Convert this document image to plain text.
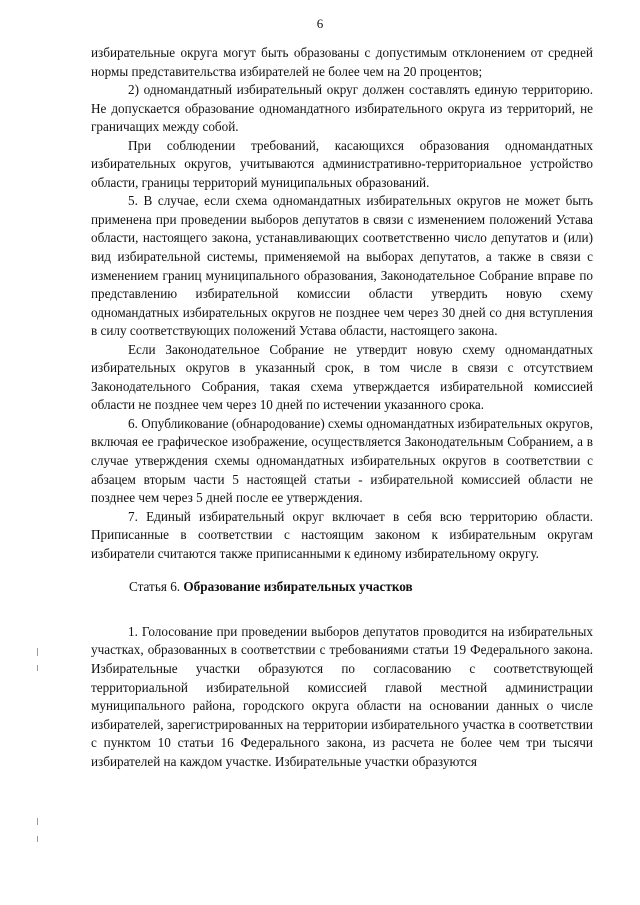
6

избирательные округа могут быть образованы с допустимым отклонением от средней нормы представительства избирателей не более чем на 20 процентов;

2) одномандатный избирательный округ должен составлять единую территорию. Не допускается образование одномандатного избирательного округа из территорий, не граничащих между собой.

При соблюдении требований, касающихся образования одномандатных избирательных округов, учитываются административно-территориальное устройство области, границы территорий муниципальных образований.

5. В случае, если схема одномандатных избирательных округов не может быть применена при проведении выборов депутатов в связи с изменением положений Устава области, настоящего закона, устанавливающих соответственно число депутатов и (или) вид избирательной системы, применяемой на выборах депутатов, а также в связи с изменением границ муниципального образования, Законодательное Собрание вправе по представлению избирательной комиссии области утвердить новую схему одномандатных избирательных округов не позднее чем через 30 дней со дня вступления в силу соответствующих положений Устава области, настоящего закона.

Если Законодательное Собрание не утвердит новую схему одномандатных избирательных округов в указанный срок, в том числе в связи с отсутствием Законодательного Собрания, такая схема утверждается избирательной комиссией области не позднее чем через 10 дней по истечении указанного срока.

6. Опубликование (обнародование) схемы одномандатных избирательных округов, включая ее графическое изображение, осуществляется Законодательным Собранием, а в случае утверждения схемы одномандатных избирательных округов в соответствии с абзацем вторым части 5 настоящей статьи - избирательной комиссией области не позднее чем через 5 дней после ее утверждения.

7. Единый избирательный округ включает в себя всю территорию области. Приписанные в соответствии с настоящим законом к избирательным округам избиратели считаются также приписанными к единому избирательному округу.

Статья 6. Образование избирательных участков

1. Голосование при проведении выборов депутатов проводится на избирательных участках, образованных в соответствии с требованиями статьи 19 Федерального закона. Избирательные участки образуются по согласованию с соответствующей территориальной избирательной комиссией главой местной администрации муниципального района, городского округа области на основании данных о числе избирателей, зарегистрированных на территории избирательного участка в соответствии с пунктом 10 статьи 16 Федерального закона, из расчета не более чем три тысячи избирателей на каждом участке. Избирательные участки образуются
